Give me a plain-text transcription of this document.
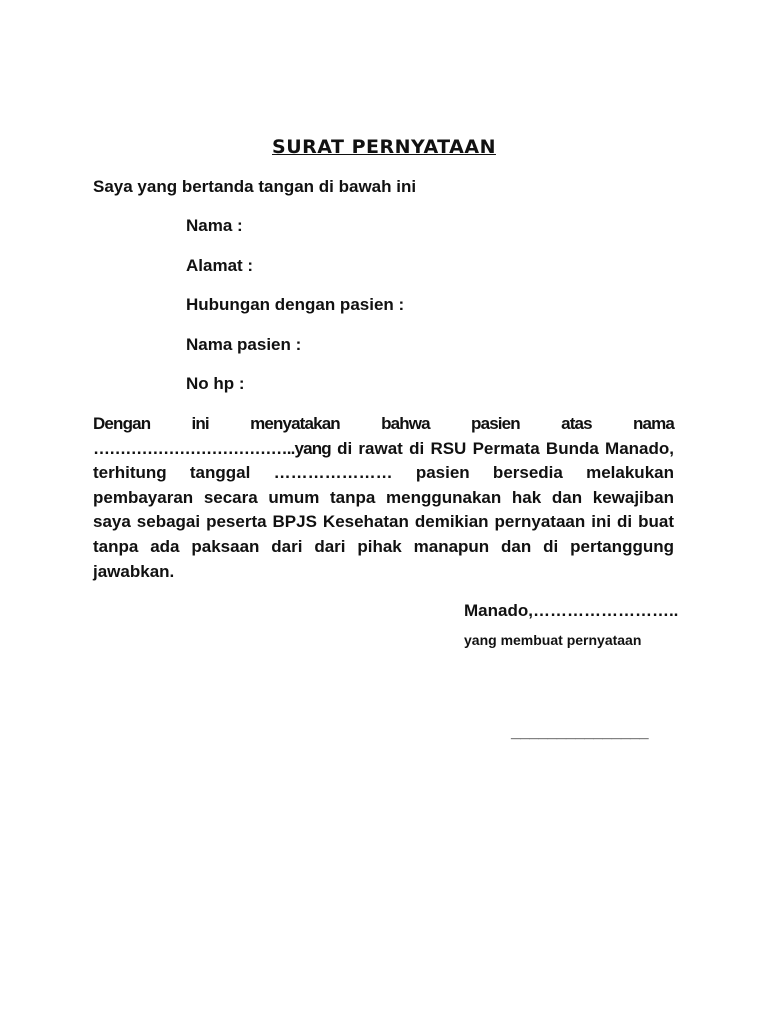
SURAT PERNYATAAN
Saya yang bertanda tangan di bawah ini
Nama :
Alamat :
Hubungan dengan pasien :
Nama pasien :
No hp :
Dengan ini menyatakan bahwa pasien atas nama ………………………………..yang di rawat di RSU Permata Bunda Manado, terhitung tanggal ………………… pasien bersedia melakukan pembayaran secara umum tanpa menggunakan hak dan kewajiban saya sebagai peserta BPJS Kesehatan demikian pernyataan ini di buat tanpa ada paksaan dari dari pihak manapun dan di pertanggung jawabkan.
Manado,……………………..
yang membuat pernyataan
_______________
